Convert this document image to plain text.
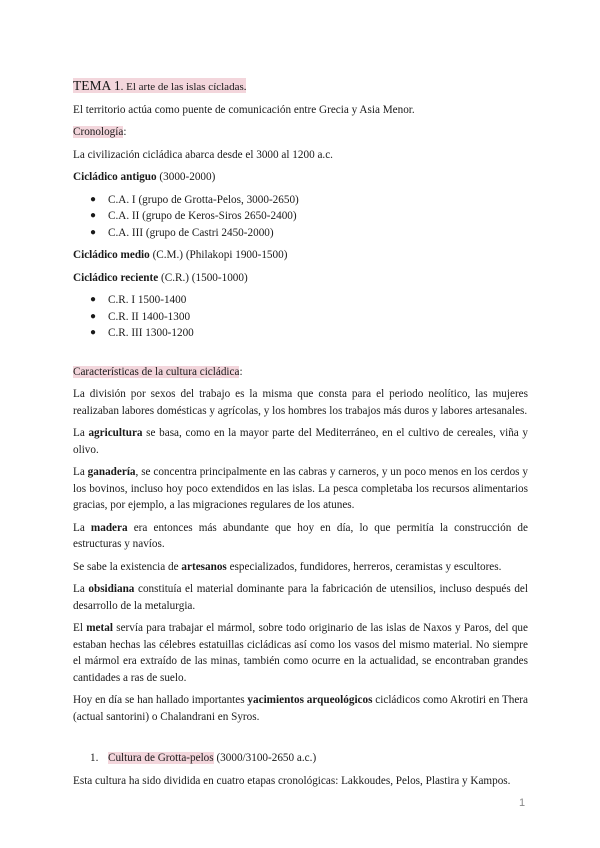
TEMA 1. El arte de las islas cícladas.

El territorio actúa como puente de comunicación entre Grecia y Asia Menor.

Cronología:

La civilización cicládica abarca desde el 3000 al 1200 a.c.

Cicládico antiguo (3000-2000)

● C.A. I (grupo de Grotta-Pelos, 3000-2650)
● C.A. II (grupo de Keros-Siros 2650-2400)
● C.A. III (grupo de Castri 2450-2000)

Cicládico medio (C.M.) (Philakopi 1900-1500)

Cicládico reciente (C.R.) (1500-1000)

● C.R. I 1500-1400
● C.R. II 1400-1300
● C.R. III 1300-1200

Características de la cultura cicládica:

La división por sexos del trabajo es la misma que consta para el periodo neolítico, las mujeres realizaban labores domésticas y agrícolas, y los hombres los trabajos más duros y labores artesanales.

La agricultura se basa, como en la mayor parte del Mediterráneo, en el cultivo de cereales, viña y olivo.

La ganadería, se concentra principalmente en las cabras y carneros, y un poco menos en los cerdos y los bovinos, incluso hoy poco extendidos en las islas. La pesca completaba los recursos alimentarios gracias, por ejemplo, a las migraciones regulares de los atunes.

La madera era entonces más abundante que hoy en día, lo que permitía la construcción de estructuras y navíos.

Se sabe la existencia de artesanos especializados, fundidores, herreros, ceramistas y escultores.

La obsidiana constituía el material dominante para la fabricación de utensilios, incluso después del desarrollo de la metalurgia.

El metal servía para trabajar el mármol, sobre todo originario de las islas de Naxos y Paros, del que estaban hechas las célebres estatuillas cicládicas así como los vasos del mismo material. No siempre el mármol era extraído de las minas, también como ocurre en la actualidad, se encontraban grandes cantidades a ras de suelo.

Hoy en día se han hallado importantes yacimientos arqueológicos cicládicos como Akrotiri en Thera (actual santorini) o Chalandrani en Syros.

1. Cultura de Grotta-pelos (3000/3100-2650 a.c.)

Esta cultura ha sido dividida en cuatro etapas cronológicas: Lakkoudes, Pelos, Plastira y Kampos.

1
